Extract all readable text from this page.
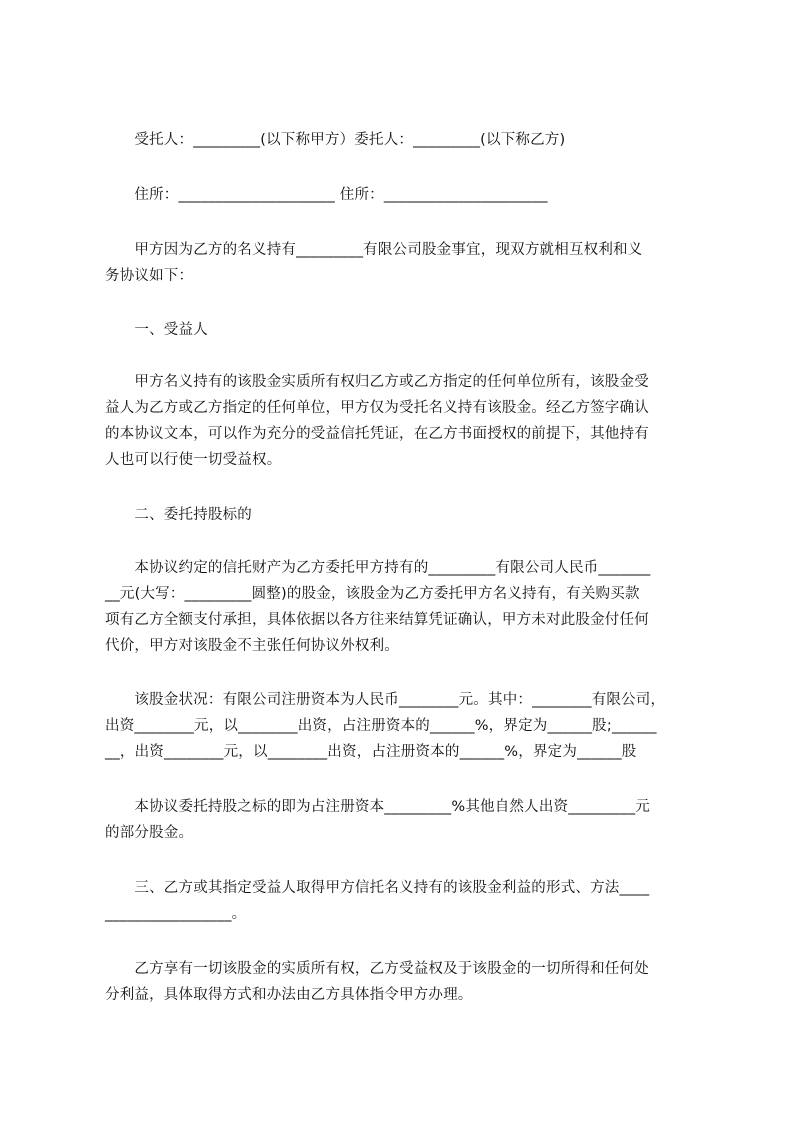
　　受托人：_________(以下称甲方）委托人：_________(以下称乙方)
　　住所：_____________________ 住所：______________________
　　甲方因为乙方的名义持有_________有限公司股金事宜，现双方就相互权利和义
务协议如下：
　　一、受益人
　　甲方名义持有的该股金实质所有权归乙方或乙方指定的任何单位所有，该股金受
益人为乙方或乙方指定的任何单位，甲方仅为受托名义持有该股金。经乙方签字确认
的本协议文本，可以作为充分的受益信托凭证，在乙方书面授权的前提下，其他持有
人也可以行使一切受益权。
　　二、委托持股标的
　　本协议约定的信托财产为乙方委托甲方持有的_________有限公司人民币_______
__元(大写：_________圆整)的股金，该股金为乙方委托甲方名义持有，有关购买款
项有乙方全额支付承担，具体依据以各方往来结算凭证确认，甲方未对此股金付任何
代价，甲方对该股金不主张任何协议外权利。
　　该股金状况：有限公司注册资本为人民币________元。其中：________有限公司，
出资________元，以________出资，占注册资本的______%，界定为______股;______
__，出资________元，以________出资，占注册资本的______%，界定为______股
　　本协议委托持股之标的即为占注册资本_________%其他自然人出资_________元
的部分股金。
　　三、乙方或其指定受益人取得甲方信托名义持有的该股金利益的形式、方法____
_________________。
　　乙方享有一切该股金的实质所有权，乙方受益权及于该股金的一切所得和任何处
分利益，具体取得方式和办法由乙方具体指令甲方办理。
